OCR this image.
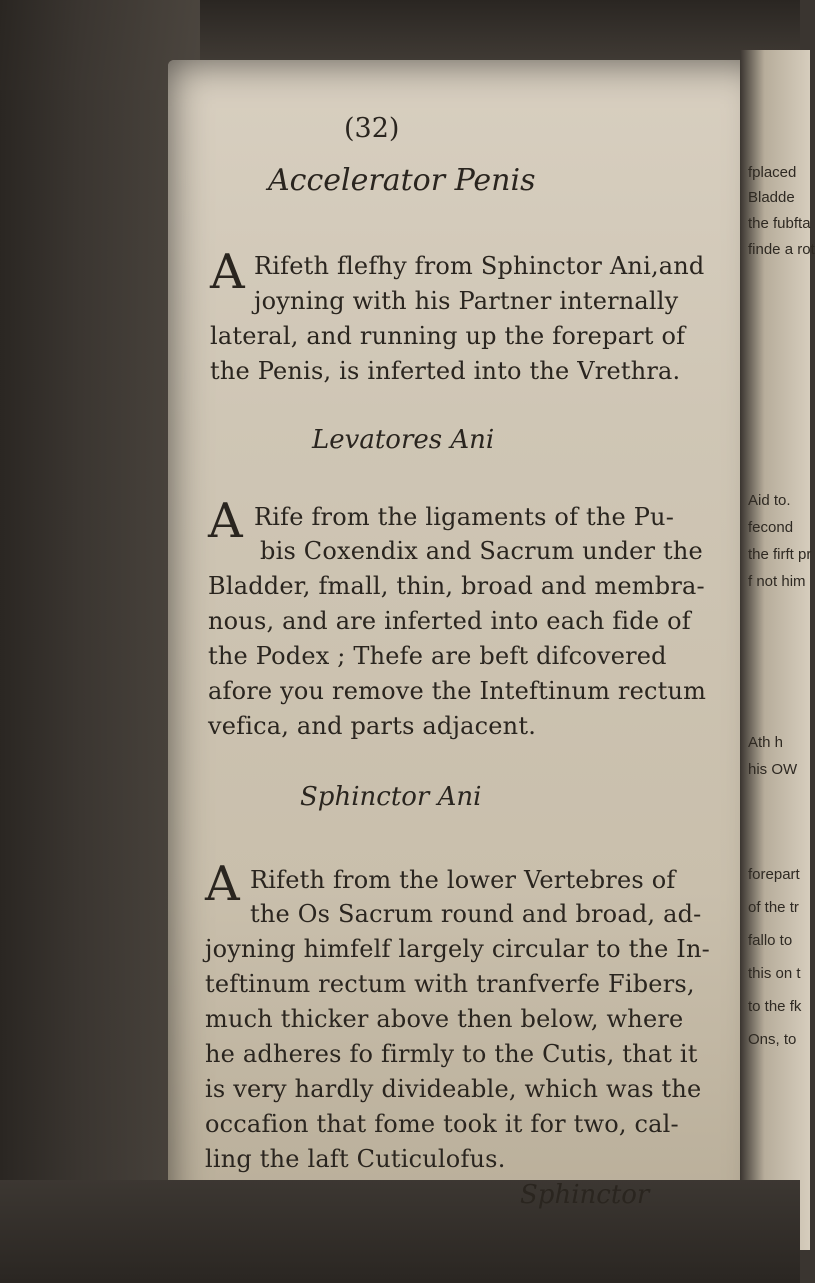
(32)
Accelerator Penis
A Rifeth flefhy from Sphinctor Ani,and
joyning with his Partner internally
lateral, and running up the forepart of
the Penis, is inferted into the Vrethra.
Levatores Ani
A Rife from the ligaments of the Pu-
bis Coxendix and Sacrum under the
Bladder, fmall, thin, broad and membra-
nous, and are inferted into each fide of
the Podex ; Thefe are beft difcovered
afore you remove the Inteftinum rectum
vefica, and parts adjacent.
Sphinctor Ani
A Rifeth from the lower Vertebres of
the Os Sacrum round and broad, ad-
joyning himfelf largely circular to the In-
teftinum rectum with tranfverfe Fibers,
much thicker above then below, where
he adheres fo firmly to the Cutis, that it
is very hardly divideable, which was the
occafion that fome took it for two, cal-
ling the laft Cuticulofus.
Sphinctor
fplaced
Bladde
the fubfta
finde a rot
Aid to.
fecond
the firft pr
f not him
Ath h
his OW
forepart
of the tr
fallo to
this on t
to the fk
Ons, to
